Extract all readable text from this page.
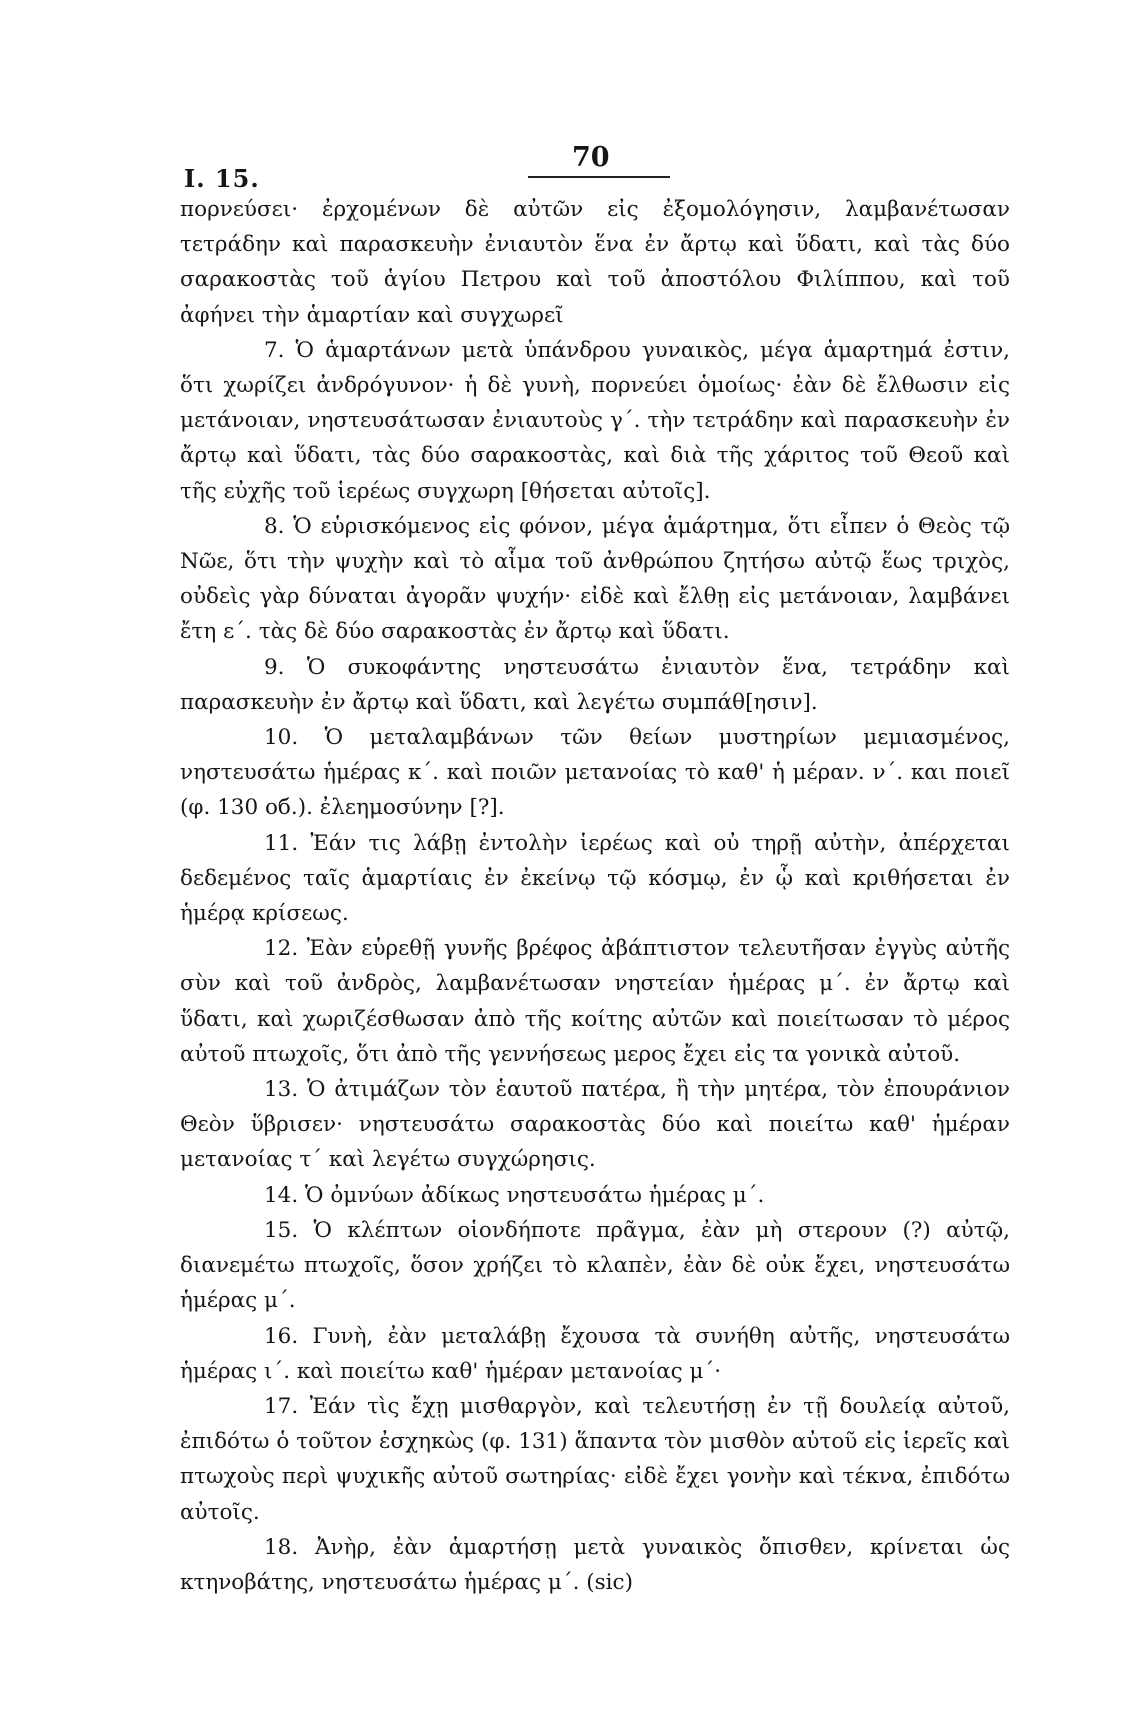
I. 15.
70

πορνεύσει· ἐρχομένων δὲ αὐτῶν εἰς ἐξομολόγησιν, λαμβανέτωσαν τετράδην καὶ παρασκευὴν ἐνιαυτὸν ἕνα ἐν ἄρτῳ καὶ ὕδατι, καὶ τὰς δύο σαρακοστὰς τοῦ ἁγίου Πετρου καὶ τοῦ ἀποστόλου Φιλίππου, καὶ τοῦ ἀφήνει τὴν ἁμαρτίαν καὶ συγχωρεῖ

7. Ὁ ἁμαρτάνων μετὰ ὑπάνδρου γυναικὸς, μέγα ἁμαρτημά ἐστιν, ὅτι χωρίζει ἀνδρόγυνον· ἡ δὲ γυνὴ, πορνεύει ὁμοίως· ἐὰν δὲ ἔλθωσιν εἰς μετάνοιαν, νηστευσάτωσαν ἐνιαυτοὺς γ΄. τὴν τετράδην καὶ παρασκευὴν ἐν ἄρτῳ καὶ ὕδατι, τὰς δύο σαρακοστὰς, καὶ διὰ τῆς χάριτος τοῦ Θεοῦ καὶ τῆς εὐχῆς τοῦ ἱερέως συγχωρη [θήσεται αὐτοῖς].

8. Ὁ εὑρισκόμενος εἰς φόνον, μέγα ἁμάρτημα, ὅτι εἶπεν ὁ Θεὸς τῷ Νῶε, ὅτι τὴν ψυχὴν καὶ τὸ αἷμα τοῦ ἀνθρώπου ζητήσω αὐτῷ ἕως τριχὸς, οὐδεὶς γὰρ δύναται ἀγορᾶν ψυχήν· εἰδὲ καὶ ἔλθῃ εἰς μετάνοιαν, λαμβάνει ἔτη ε΄. τὰς δὲ δύο σαρακοστὰς ἐν ἄρτῳ καὶ ὕδατι.

9. Ὁ συκοφάντης νηστευσάτω ἐνιαυτὸν ἕνα, τετράδην καὶ παρασκευὴν ἐν ἄρτῳ καὶ ὕδατι, καὶ λεγέτω συμπάθ[ησιν].

10. Ὁ μεταλαμβάνων τῶν θείων μυστηρίων μεμιασμένος, νηστευσάτω ἡμέρας κ΄. καὶ ποιῶν μετανοίας τὸ καθ' ἡ μέραν. ν΄. και ποιεῖ (φ. 130 οб.). ἐλεημοσύνην [?].

11. Ἐάν τις λάβῃ ἐντολὴν ἱερέως καὶ οὐ τηρῇ αὐτὴν, ἀπέρχεται δεδεμένος ταῖς ἁμαρτίαις ἐν ἐκείνῳ τῷ κόσμῳ, ἐν ᾧ καὶ κριθήσεται ἐν ἡμέρᾳ κρίσεως.

12. Ἐὰν εὑρεθῇ γυνῆς βρέφος ἀβάπτιστον τελευτῆσαν ἐγγὺς αὐτῆς σὺν καὶ τοῦ ἀνδρὸς, λαμβανέτωσαν νηστείαν ἡμέρας μ΄. ἐν ἄρτῳ καὶ ὕδατι, καὶ χωριζέσθωσαν ἀπὸ τῆς κοίτης αὐτῶν καὶ ποιείτωσαν τὸ μέρος αὐτοῦ πτωχοῖς, ὅτι ἀπὸ τῆς γεννήσεως μερος ἔχει εἰς τα γονικὰ αὐτοῦ.

13. Ὁ ἀτιμάζων τὸν ἑαυτοῦ πατέρα, ἢ τὴν μητέρα, τὸν ἐπουράνιον Θεὸν ὕβρισεν· νηστευσάτω σαρακοστὰς δύο καὶ ποιείτω καθ' ἡμέραν μετανοίας τ΄ καὶ λεγέτω συγχώρησις.

14. Ὁ ὀμνύων ἀδίκως νηστευσάτω ἡμέρας μ΄.

15. Ὁ κλέπτων οἱονδήποτε πρᾶγμα, ἐὰν μὴ στερουν (?) αὐτῷ, διανεμέτω πτωχοῖς, ὅσον χρήζει τὸ κλαπὲν, ἐὰν δὲ οὐκ ἔχει, νηστευσάτω ἡμέρας μ΄.

16. Γυνὴ, ἐὰν μεταλάβῃ ἔχουσα τὰ συνήθη αὐτῆς, νηστευσάτω ἡμέρας ι΄. καὶ ποιείτω καθ' ἡμέραν μετανοίας μ΄·

17. Ἐάν τὶς ἔχῃ μισθαργὸν, καὶ τελευτήσῃ ἐν τῇ δουλείᾳ αὐτοῦ, ἐπιδότω ὁ τοῦτον ἐσχηκὼς (φ. 131) ἅπαντα τὸν μισθὸν αὐτοῦ εἰς ἱερεῖς καὶ πτωχοὺς περὶ ψυχικῆς αὐτοῦ σωτηρίας· εἰδὲ ἔχει γονὴν καὶ τέκνα, ἐπιδότω αὐτοῖς.

18. Ἀνὴρ, ἐὰν ἁμαρτήσῃ μετὰ γυναικὸς ὄπισθεν, κρίνεται ὡς κτηνοβάτης, νηστευσάτω ἡμέρας μ΄. (sic)
